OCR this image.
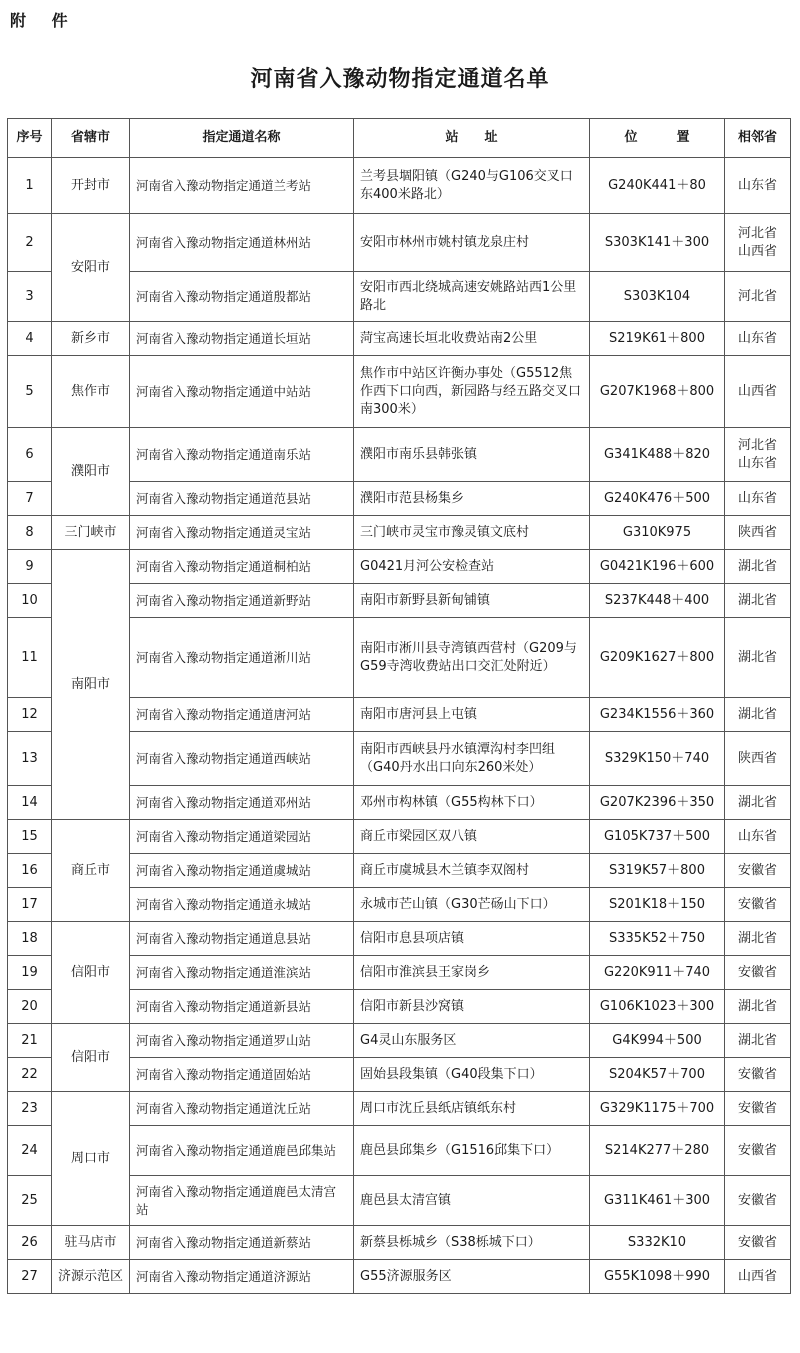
附 件
河南省入豫动物指定通道名单
序号	省辖市	指定通道名称	站　　址	位　　　置	相邻省
1	开封市	河南省入豫动物指定通道兰考站	兰考县堌阳镇（G240与G106交叉口东400米路北）	G240K441＋80	山东省
2	安阳市	河南省入豫动物指定通道林州站	安阳市林州市姚村镇龙泉庄村	S303K141＋300	河北省
山西省
3		河南省入豫动物指定通道殷都站	安阳市西北绕城高速安姚路站西1公里路北	S303K104	河北省
4	新乡市	河南省入豫动物指定通道长垣站	菏宝高速长垣北收费站南2公里	S219K61＋800	山东省
5	焦作市	河南省入豫动物指定通道中站站	焦作市中站区许衡办事处（G5512焦作西下口向西，新园路与经五路交叉口南300米）	G207K1968＋800	山西省
6	濮阳市	河南省入豫动物指定通道南乐站	濮阳市南乐县韩张镇	G341K488＋820	河北省
山东省
7		河南省入豫动物指定通道范县站	濮阳市范县杨集乡	G240K476＋500	山东省
8	三门峡市	河南省入豫动物指定通道灵宝站	三门峡市灵宝市豫灵镇文底村	G310K975	陕西省
9	南阳市	河南省入豫动物指定通道桐柏站	G0421月河公安检查站	G0421K196＋600	湖北省
10		河南省入豫动物指定通道新野站	南阳市新野县新甸铺镇	S237K448＋400	湖北省
11		河南省入豫动物指定通道淅川站	南阳市淅川县寺湾镇西营村（G209与G59寺湾收费站出口交汇处附近）	G209K1627＋800	湖北省
12		河南省入豫动物指定通道唐河站	南阳市唐河县上屯镇	G234K1556＋360	湖北省
13		河南省入豫动物指定通道西峡站	南阳市西峡县丹水镇潭沟村李凹组（G40丹水出口向东260米处）	S329K150＋740	陕西省
14		河南省入豫动物指定通道邓州站	邓州市构林镇（G55构林下口）	G207K2396＋350	湖北省
15	商丘市	河南省入豫动物指定通道梁园站	商丘市梁园区双八镇	G105K737＋500	山东省
16		河南省入豫动物指定通道虞城站	商丘市虞城县木兰镇李双阁村	S319K57＋800	安徽省
17		河南省入豫动物指定通道永城站	永城市芒山镇（G30芒砀山下口）	S201K18＋150	安徽省
18	信阳市	河南省入豫动物指定通道息县站	信阳市息县项店镇	S335K52＋750	湖北省
19		河南省入豫动物指定通道淮滨站	信阳市淮滨县王家岗乡	G220K911＋740	安徽省
20		河南省入豫动物指定通道新县站	信阳市新县沙窝镇	G106K1023＋300	湖北省
21	信阳市	河南省入豫动物指定通道罗山站	G4灵山东服务区	G4K994＋500	湖北省
22		河南省入豫动物指定通道固始站	固始县段集镇（G40段集下口）	S204K57＋700	安徽省
23	周口市	河南省入豫动物指定通道沈丘站	周口市沈丘县纸店镇纸东村	G329K1175＋700	安徽省
24		河南省入豫动物指定通道鹿邑邱集站	鹿邑县邱集乡（G1516邱集下口）	S214K277＋280	安徽省
25		河南省入豫动物指定通道鹿邑太清宫站	鹿邑县太清宫镇	G311K461＋300	安徽省
26	驻马店市	河南省入豫动物指定通道新蔡站	新蔡县栎城乡（S38栎城下口）	S332K10	安徽省
27	济源示范区	河南省入豫动物指定通道济源站	G55济源服务区	G55K1098＋990	山西省
